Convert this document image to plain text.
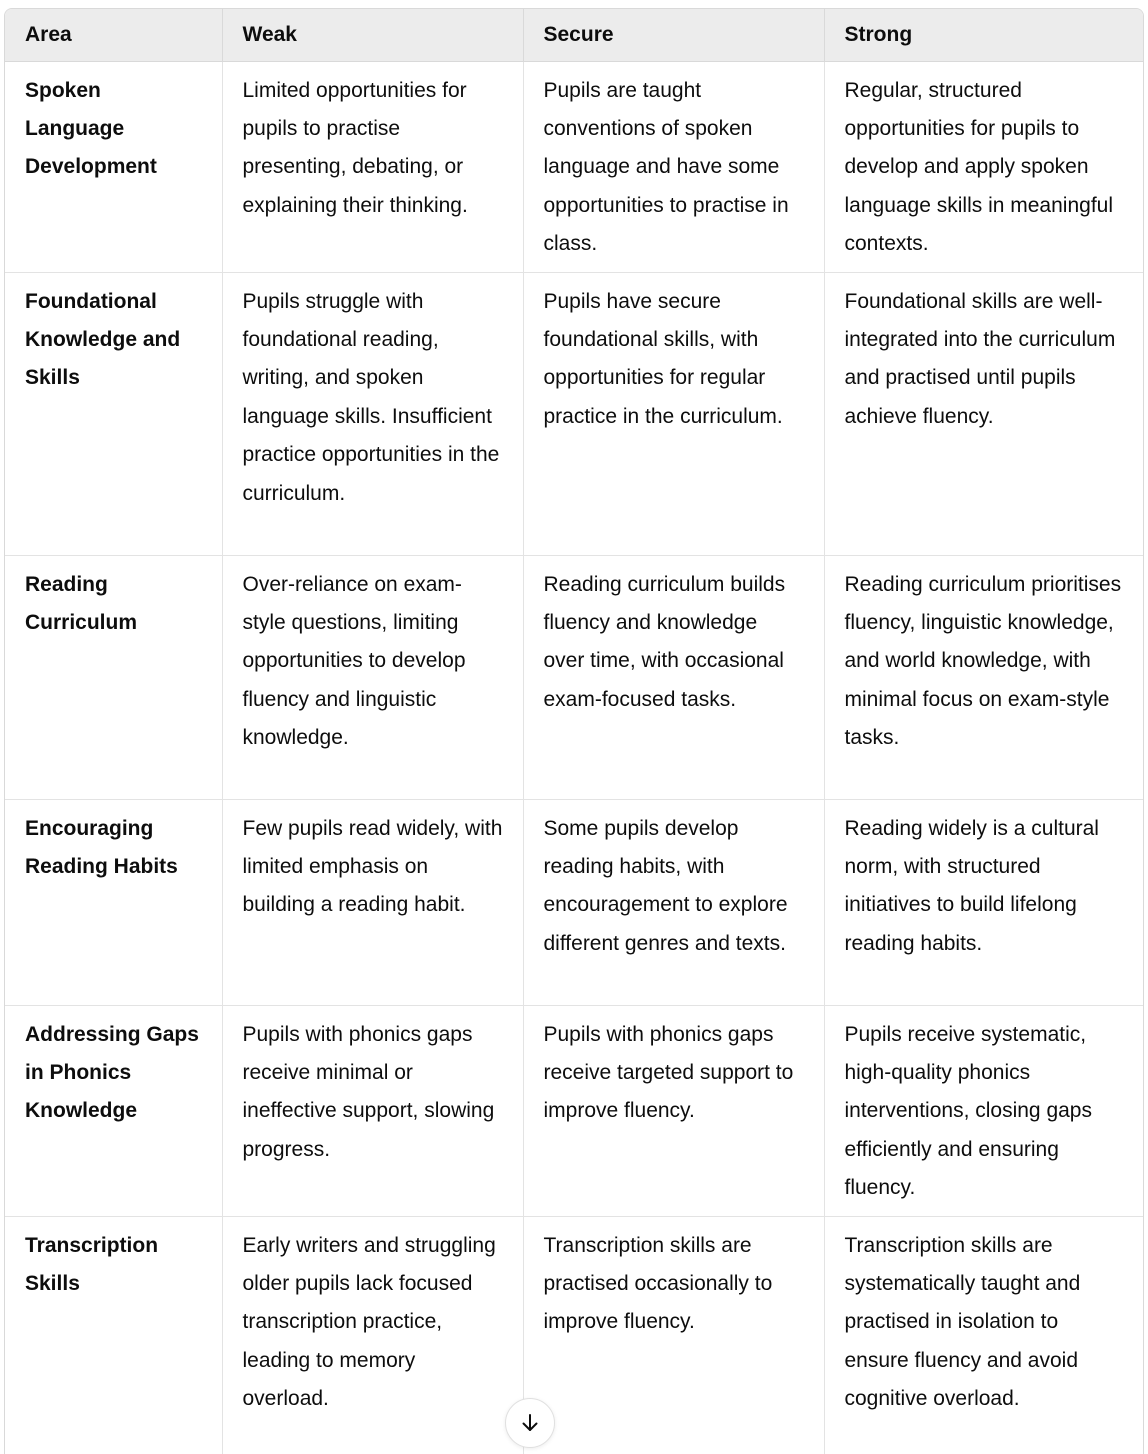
Area	Weak	Secure	Strong
Spoken Language Development	Limited opportunities for pupils to practise presenting, debating, or explaining their thinking.	Pupils are taught conventions of spoken language and have some opportunities to practise in class.	Regular, structured opportunities for pupils to develop and apply spoken language skills in meaningful contexts.
Foundational Knowledge and Skills	Pupils struggle with foundational reading, writing, and spoken language skills. Insufficient practice opportunities in the curriculum.	Pupils have secure foundational skills, with opportunities for regular practice in the curriculum.	Foundational skills are well-integrated into the curriculum and practised until pupils achieve fluency.
Reading Curriculum	Over-reliance on exam-style questions, limiting opportunities to develop fluency and linguistic knowledge.	Reading curriculum builds fluency and knowledge over time, with occasional exam-focused tasks.	Reading curriculum prioritises fluency, linguistic knowledge, and world knowledge, with minimal focus on exam-style tasks.
Encouraging Reading Habits	Few pupils read widely, with limited emphasis on building a reading habit.	Some pupils develop reading habits, with encouragement to explore different genres and texts.	Reading widely is a cultural norm, with structured initiatives to build lifelong reading habits.
Addressing Gaps in Phonics Knowledge	Pupils with phonics gaps receive minimal or ineffective support, slowing progress.	Pupils with phonics gaps receive targeted support to improve fluency.	Pupils receive systematic, high-quality phonics interventions, closing gaps efficiently and ensuring fluency.
Transcription Skills	Early writers and struggling older pupils lack focused transcription practice, leading to memory overload.	Transcription skills are practised occasionally to improve fluency.	Transcription skills are systematically taught and practised in isolation to ensure fluency and avoid cognitive overload.
